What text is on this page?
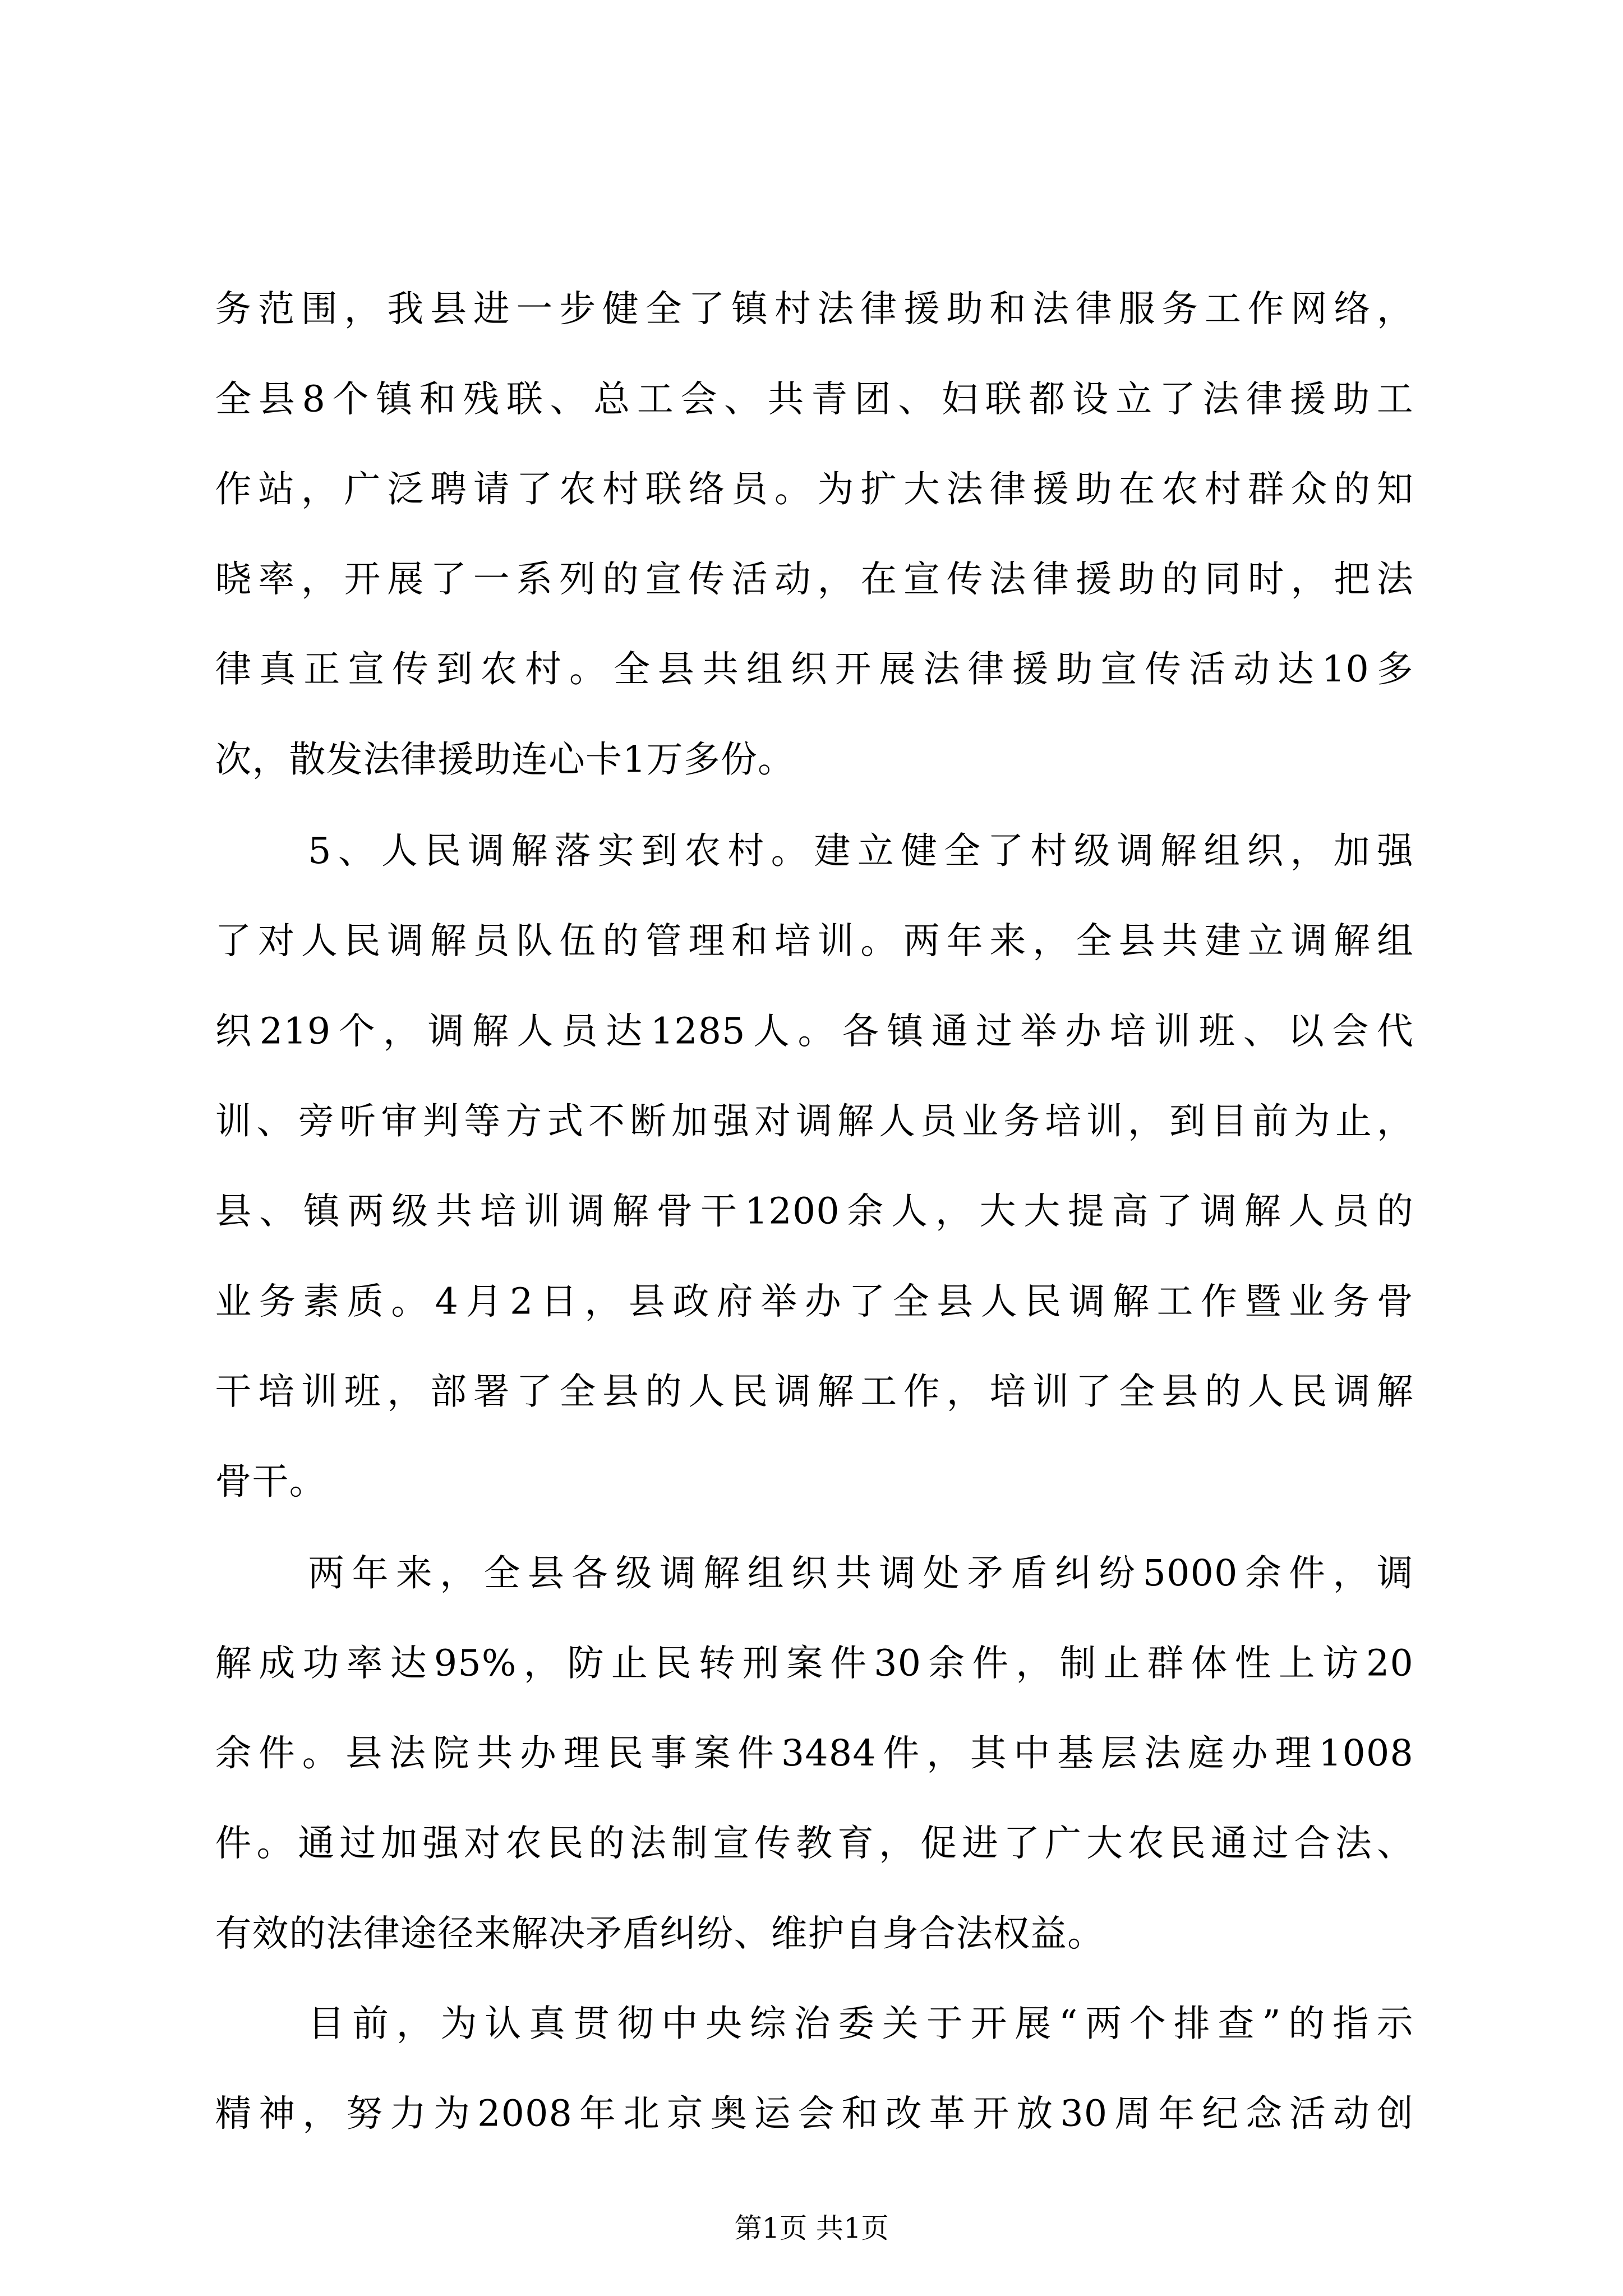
务范围，我县进一步健全了镇村法律援助和法律服务工作网络，
全县8个镇和残联、总工会、共青团、妇联都设立了法律援助工
作站，广泛聘请了农村联络员。为扩大法律援助在农村群众的知
晓率，开展了一系列的宣传活动，在宣传法律援助的同时，把法
律真正宣传到农村。全县共组织开展法律援助宣传活动达10多
次，散发法律援助连心卡1万多份。
5、人民调解落实到农村。建立健全了村级调解组织，加强
了对人民调解员队伍的管理和培训。两年来，全县共建立调解组
织219个，调解人员达1285人。各镇通过举办培训班、以会代
训、旁听审判等方式不断加强对调解人员业务培训，到目前为止，
县、镇两级共培训调解骨干1200余人，大大提高了调解人员的
业务素质。4月2日，县政府举办了全县人民调解工作暨业务骨
干培训班，部署了全县的人民调解工作，培训了全县的人民调解
骨干。
两年来，全县各级调解组织共调处矛盾纠纷5000余件，调
解成功率达95%，防止民转刑案件30余件，制止群体性上访20
余件。县法院共办理民事案件3484件，其中基层法庭办理1008
件。通过加强对农民的法制宣传教育，促进了广大农民通过合法、
有效的法律途径来解决矛盾纠纷、维护自身合法权益。
目前，为认真贯彻中央综治委关于开展“两个排查”的指示
精神，努力为2008年北京奥运会和改革开放30周年纪念活动创
第1页 共1页
